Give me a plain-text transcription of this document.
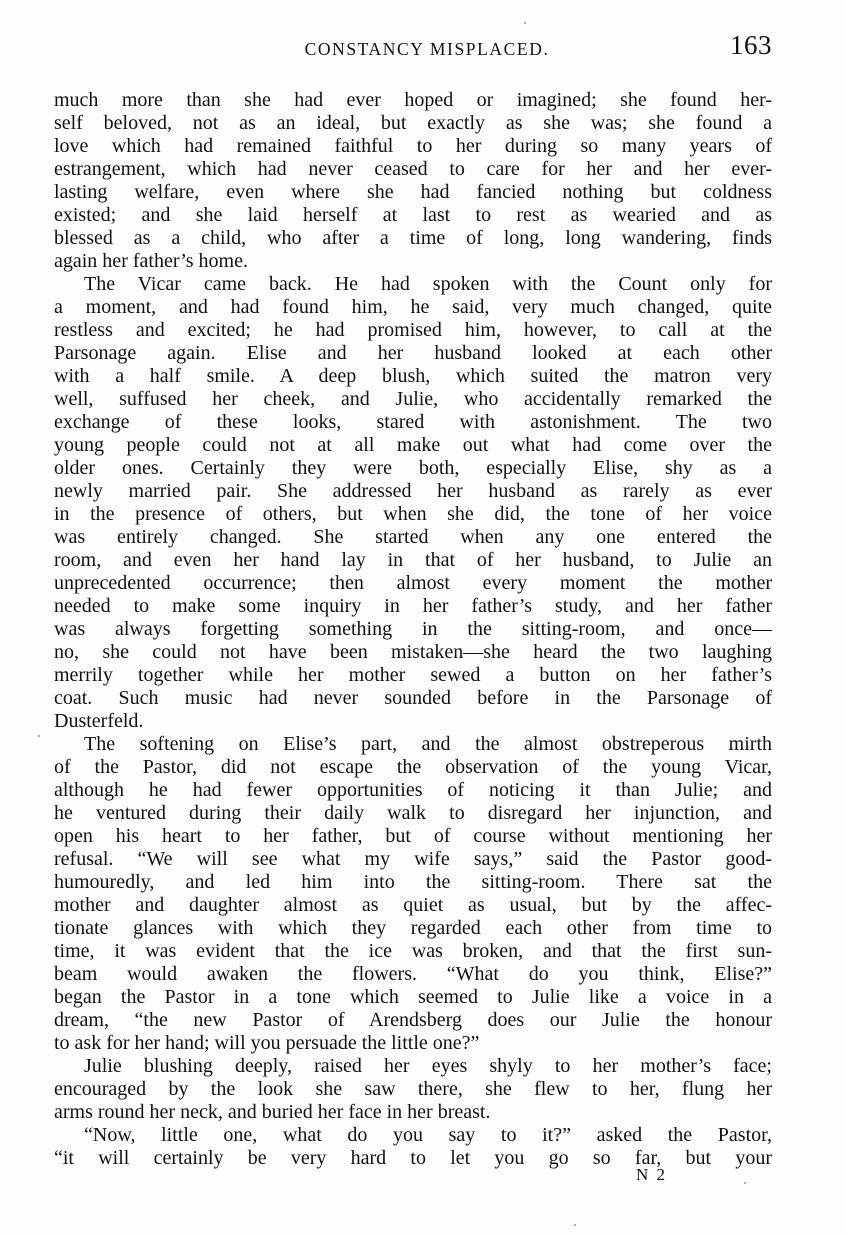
CONSTANCY MISPLACED.	163
much more than she had ever hoped or imagined; she found her-
self beloved, not as an ideal, but exactly as she was; she found a
love which had remained faithful to her during so many years of
estrangement, which had never ceased to care for her and her ever-
lasting welfare, even where she had fancied nothing but coldness
existed; and she laid herself at last to rest as wearied and as
blessed as a child, who after a time of long, long wandering, finds
again her father’s home.
The Vicar came back. He had spoken with the Count only for
a moment, and had found him, he said, very much changed, quite
restless and excited; he had promised him, however, to call at the
Parsonage again. Elise and her husband looked at each other
with a half smile. A deep blush, which suited the matron very
well, suffused her cheek, and Julie, who accidentally remarked the
exchange of these looks, stared with astonishment. The two
young people could not at all make out what had come over the
older ones. Certainly they were both, especially Elise, shy as a
newly married pair. She addressed her husband as rarely as ever
in the presence of others, but when she did, the tone of her voice
was entirely changed. She started when any one entered the
room, and even her hand lay in that of her husband, to Julie an
unprecedented occurrence; then almost every moment the mother
needed to make some inquiry in her father’s study, and her father
was always forgetting something in the sitting-room, and once—
no, she could not have been mistaken—she heard the two laughing
merrily together while her mother sewed a button on her father’s
coat. Such music had never sounded before in the Parsonage of
Dusterfeld.
The softening on Elise’s part, and the almost obstreperous mirth
of the Pastor, did not escape the observation of the young Vicar,
although he had fewer opportunities of noticing it than Julie; and
he ventured during their daily walk to disregard her injunction, and
open his heart to her father, but of course without mentioning her
refusal. “We will see what my wife says,” said the Pastor good-
humouredly, and led him into the sitting-room. There sat the
mother and daughter almost as quiet as usual, but by the affec-
tionate glances with which they regarded each other from time to
time, it was evident that the ice was broken, and that the first sun-
beam would awaken the flowers. “What do you think, Elise?”
began the Pastor in a tone which seemed to Julie like a voice in a
dream, “the new Pastor of Arendsberg does our Julie the honour
to ask for her hand; will you persuade the little one?”
Julie blushing deeply, raised her eyes shyly to her mother’s face;
encouraged by the look she saw there, she flew to her, flung her
arms round her neck, and buried her face in her breast.
“Now, little one, what do you say to it?” asked the Pastor,
“it will certainly be very hard to let you go so far, but your
N 2
